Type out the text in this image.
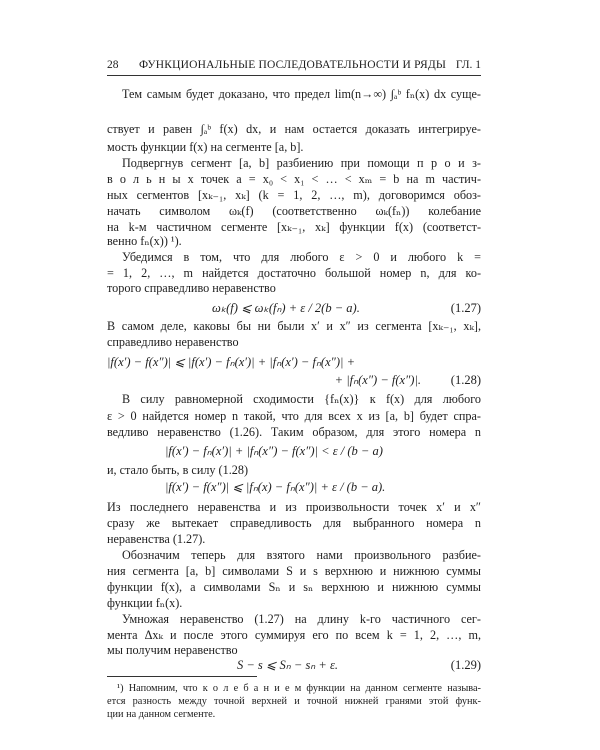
28 ФУНКЦИОНАЛЬНЫЕ ПОСЛЕДОВАТЕЛЬНОСТИ И РЯДЫ ГЛ. 1
Тем самым будет доказано, что предел lim(n→∞) ∫ₐᵇ fₙ(x) dx суще-
ствует и равен ∫ₐᵇ f(x) dx, и нам остается доказать интегрируе-
мость функции f(x) на сегменте [a, b].
Подвергнув сегмент [a, b] разбиению при помощи п р о и з-
в о л ь н ы х точек a = x₀ < x₁ < … < xₘ = b на m частич-
ных сегментов [xₖ₋₁, xₖ] (k = 1, 2, …, m), договоримся обоз-
начать символом ωₖ(f) (соответственно ωₖ(fₙ)) колебание
на k-м частичном сегменте [xₖ₋₁, xₖ] функции f(x) (соответст-
венно fₙ(x)) ¹).
Убедимся в том, что для любого ε > 0 и любого k =
= 1, 2, …, m найдется достаточно большой номер n, для ко-
торого справедливо неравенство
ωₖ(f) ⩽ ωₖ(fₙ) + ε / 2(b − a).	(1.27)
В самом деле, каковы бы ни были x′ и x″ из сегмента [xₖ₋₁, xₖ],
справедливо неравенство
|f(x′) − f(x″)| ⩽ |f(x′) − fₙ(x′)| + |fₙ(x′) − fₙ(x″)| +
+ |fₙ(x″) − f(x″)|. (1.28)
В силу равномерной сходимости {fₙ(x)} к f(x) для любого
ε > 0 найдется номер n такой, что для всех x из [a, b] будет спра-
ведливо неравенство (1.26). Таким образом, для этого номера n
|f(x′) − fₙ(x′)| + |fₙ(x″) − f(x″)| < ε / (b − a)
и, стало быть, в силу (1.28)
|f(x′) − f(x″)| ⩽ |fₙ(x) − fₙ(x″)| + ε / (b − a).
Из последнего неравенства и из произвольности точек x′ и x″
сразу же вытекает справедливость для выбранного номера n
неравенства (1.27).
Обозначим теперь для взятого нами произвольного разбие-
ния сегмента [a, b] символами S и s верхнюю и нижнюю суммы
функции f(x), а символами Sₙ и sₙ верхнюю и нижнюю суммы
функции fₙ(x).
Умножая неравенство (1.27) на длину k-го частичного сег-
мента Δxₖ и после этого суммируя его по всем k = 1, 2, …, m,
мы получим неравенство
S − s ⩽ Sₙ − sₙ + ε.	(1.29)
¹) Напомним, что к о л е б а н и е м функции на данном сегменте называ-
ется разность между точной верхней и точной нижней гранями этой функ-
ции на данном сегменте.
